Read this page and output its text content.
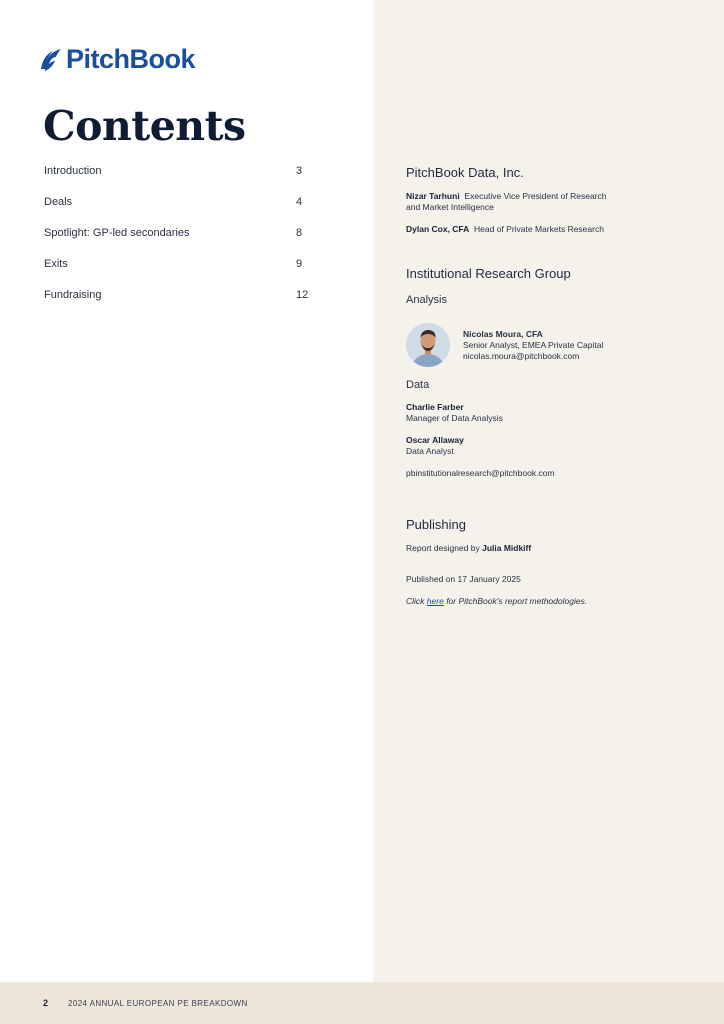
PitchBook
Contents
Introduction	3
Deals	4
Spotlight: GP-led secondaries	8
Exits	9
Fundraising	12
PitchBook Data, Inc.
Nizar Tarhuni Executive Vice President of Research
and Market Intelligence
Dylan Cox, CFA Head of Private Markets Research
Institutional Research Group
Analysis
Nicolas Moura, CFA
Senior Analyst, EMEA Private Capital
nicolas.moura@pitchbook.com
Data
Charlie Farber
Manager of Data Analysis
Oscar Allaway
Data Analyst
pbinstitutionalresearch@pitchbook.com
Publishing
Report designed by Julia Midkiff
Published on 17 January 2025
Click here for PitchBook's report methodologies.
2 2024 ANNUAL EUROPEAN PE BREAKDOWN
